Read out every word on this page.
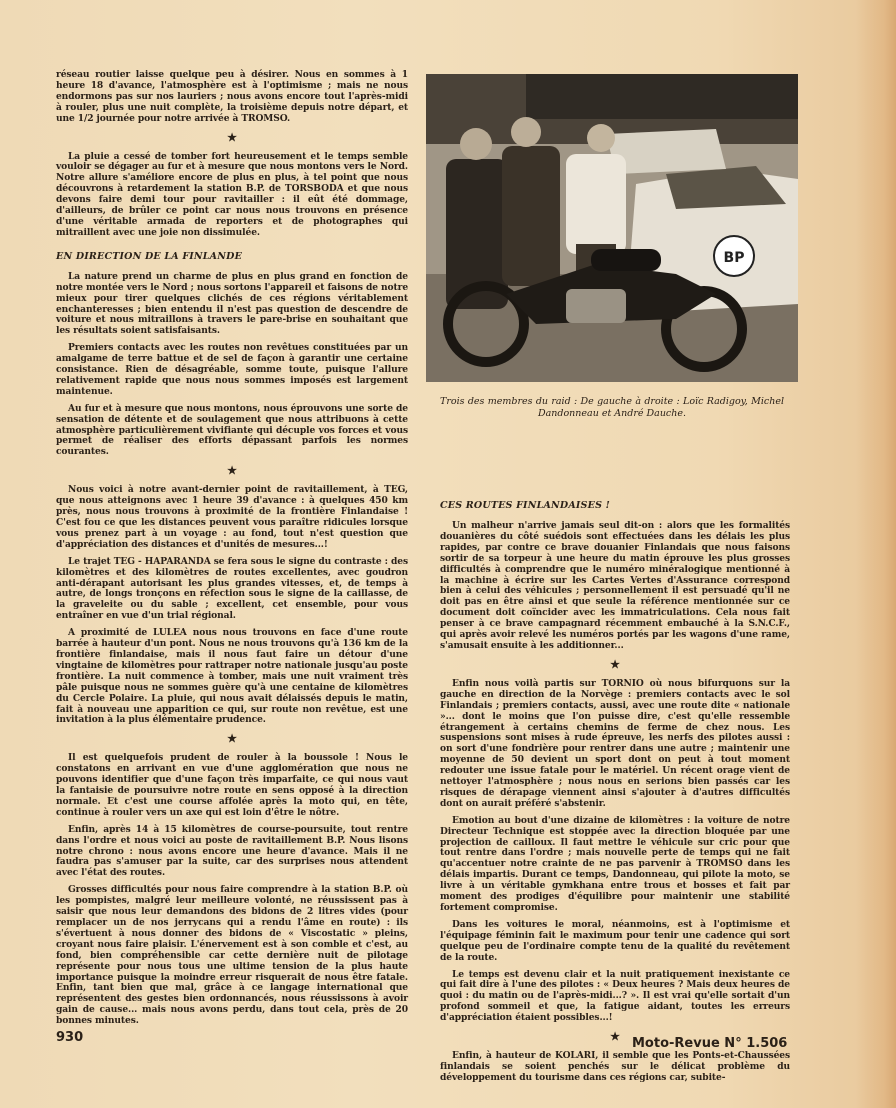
réseau routier laisse quelque peu à désirer. Nous en sommes à 1 heure 18 d'avance, l'atmosphère est à l'optimisme ; mais ne nous endormons pas sur nos lauriers ; nous avons encore tout l'après-midi à rouler, plus une nuit complète, la troisième depuis notre départ, et une 1/2 journée pour notre arrivée à TROMSO.

★

La pluie a cessé de tomber fort heureusement et le temps semble vouloir se dégager au fur et à mesure que nous montons vers le Nord. Notre allure s'améliore encore de plus en plus, à tel point que nous découvrons à retardement la station B.P. de TORSBODA et que nous devons faire demi tour pour ravitailler : il eût été dommage, d'ailleurs, de brûler ce point car nous nous trouvons en présence d'une véritable armada de reporters et de photographes qui mitraillent avec une joie non dissimulée.

EN DIRECTION DE LA FINLANDE

La nature prend un charme de plus en plus grand en fonction de notre montée vers le Nord ; nous sortons l'appareil et faisons de notre mieux pour tirer quelques clichés de ces régions véritablement enchanteresses ; bien entendu il n'est pas question de descendre de voiture et nous mitraillons à travers le pare-brise en souhaitant que les résultats soient satisfaisants.

Premiers contacts avec les routes non revêtues constituées par un amalgame de terre battue et de sel de façon à garantir une certaine consistance. Rien de désagréable, somme toute, puisque l'allure relativement rapide que nous nous sommes imposés est largement maintenue.

Au fur et à mesure que nous montons, nous éprouvons une sorte de sensation de détente et de soulagement que nous attribuons à cette atmosphère particulièrement vivifiante qui décuple vos forces et vous permet de réaliser des efforts dépassant parfois les normes courantes.

★

Nous voici à notre avant-dernier point de ravitaillement, à TEG, que nous atteignons avec 1 heure 39 d'avance : à quelques 450 km près, nous nous trouvons à proximité de la frontière Finlandaise ! C'est fou ce que les distances peuvent vous paraître ridicules lorsque vous prenez part à un voyage : au fond, tout n'est question que d'appréciation des distances et d'unités de mesures...!

Le trajet TEG - HAPARANDA se fera sous le signe du contraste : des kilomètres et des kilomètres de routes excellentes, avec goudron anti-dérapant autorisant les plus grandes vitesses, et, de temps à autre, de longs tronçons en réfection sous le signe de la caillasse, de la graveleite ou du sable ; excellent, cet ensemble, pour vous entraîner en vue d'un trial régional.

A proximité de LULEA nous nous trouvons en face d'une route barrée à hauteur d'un pont. Nous ne nous trouvons qu'à 136 km de la frontière finlandaise, mais il nous faut faire un détour d'une vingtaine de kilomètres pour rattraper notre nationale jusqu'au poste frontière. La nuit commence à tomber, mais une nuit vraiment très pâle puisque nous ne sommes guère qu'à une centaine de kilomètres du Cercle Polaire. La pluie, qui nous avait délaissés depuis le matin, fait à nouveau une apparition ce qui, sur route non revêtue, est une invitation à la plus élémentaire prudence.

★

Il est quelquefois prudent de rouler à la boussole ! Nous le constatons en arrivant en vue d'une agglomération que nous ne pouvons identifier que d'une façon très imparfaite, ce qui nous vaut la fantaisie de poursuivre notre route en sens opposé à la direction normale. Et c'est une course affolée après la moto qui, en tête, continue à rouler vers un axe qui est loin d'être le nôtre.

Enfin, après 14 à 15 kilomètres de course-poursuite, tout rentre dans l'ordre et nous voici au poste de ravitaillement B.P. Nous lisons notre chrono : nous avons encore une heure d'avance. Mais il ne faudra pas s'amuser par la suite, car des surprises nous attendent avec l'état des routes.

Grosses difficultés pour nous faire comprendre à la station B.P. où les pompistes, malgré leur meilleure volonté, ne réussissent pas à saisir que nous leur demandons des bidons de 2 litres vides (pour remplacer un de nos jerrycans qui a rendu l'âme en route) : ils s'évertuent à nous donner des bidons de « Viscostatic » pleins, croyant nous faire plaisir. L'énervement est à son comble et c'est, au fond, bien compréhensible car cette dernière nuit de pilotage représente pour nous tous une ultime tension de la plus haute importance puisque la moindre erreur risquerait de nous être fatale. Enfin, tant bien que mal, grâce à ce langage international que représentent des gestes bien ordonnancés, nous réussissons à avoir gain de cause... mais nous avons perdu, dans tout cela, près de 20 bonnes minutes.

BP
Trois des membres du raid : De gauche à droite : Loïc Radigoy, Michel Dandonneau et André Dauche.
CES ROUTES FINLANDAISES !

Un malheur n'arrive jamais seul dit-on : alors que les formalités douanières du côté suédois sont effectuées dans les délais les plus rapides, par contre ce brave douanier Finlandais que nous faisons sortir de sa torpeur à une heure du matin éprouve les plus grosses difficultés à comprendre que le numéro minéralogique mentionné à la machine à écrire sur les Cartes Vertes d'Assurance correspond bien à celui des véhicules ; personnellement il est persuadé qu'il ne doit pas en être ainsi et que seule la référence mentionnée sur ce document doit coïncider avec les immatriculations. Cela nous fait penser à ce brave campagnard récemment embauché à la S.N.C.F., qui après avoir relevé les numéros portés par les wagons d'une rame, s'amusait ensuite à les additionner...

★

Enfin nous voilà partis sur TORNIO où nous bifurquons sur la gauche en direction de la Norvège : premiers contacts avec le sol Finlandais ; premiers contacts, aussi, avec une route dite « nationale »... dont le moins que l'on puisse dire, c'est qu'elle ressemble étrangement à certains chemins de ferme de chez nous. Les suspensions sont mises à rude épreuve, les nerfs des pilotes aussi : on sort d'une fondrière pour rentrer dans une autre ; maintenir une moyenne de 50 devient un sport dont on peut à tout moment redouter une issue fatale pour le matériel. Un récent orage vient de nettoyer l'atmosphère ; nous nous en serions bien passés car les risques de dérapage viennent ainsi s'ajouter à d'autres difficultés dont on aurait préféré s'abstenir.

Emotion au bout d'une dizaine de kilomètres : la voiture de notre Directeur Technique est stoppée avec la direction bloquée par une projection de cailloux. Il faut mettre le véhicule sur cric pour que tout rentre dans l'ordre ; mais nouvelle perte de temps qui ne fait qu'accentuer notre crainte de ne pas parvenir à TROMSO dans les délais impartis. Durant ce temps, Dandonneau, qui pilote la moto, se livre à un véritable gymkhana entre trous et bosses et fait par moment des prodiges d'équilibre pour maintenir une stabilité fortement compromise.

Dans les voitures le moral, néanmoins, est à l'optimisme et l'équipage féminin fait le maximum pour tenir une cadence qui sort quelque peu de l'ordinaire compte tenu de la qualité du revêtement de la route.

Le temps est devenu clair et la nuit pratiquement inexistante ce qui fait dire à l'une des pilotes : « Deux heures ? Mais deux heures de quoi : du matin ou de l'après-midi...? ». Il est vrai qu'elle sortait d'un profond sommeil et que, la fatigue aidant, toutes les erreurs d'appréciation étaient possibles...!

★

Enfin, à hauteur de KOLARI, il semble que les Ponts-et-Chaussées finlandais se soient penchés sur le délicat problème du développement du tourisme dans ces régions car, subite-

930	Moto-Revue N° 1.506
